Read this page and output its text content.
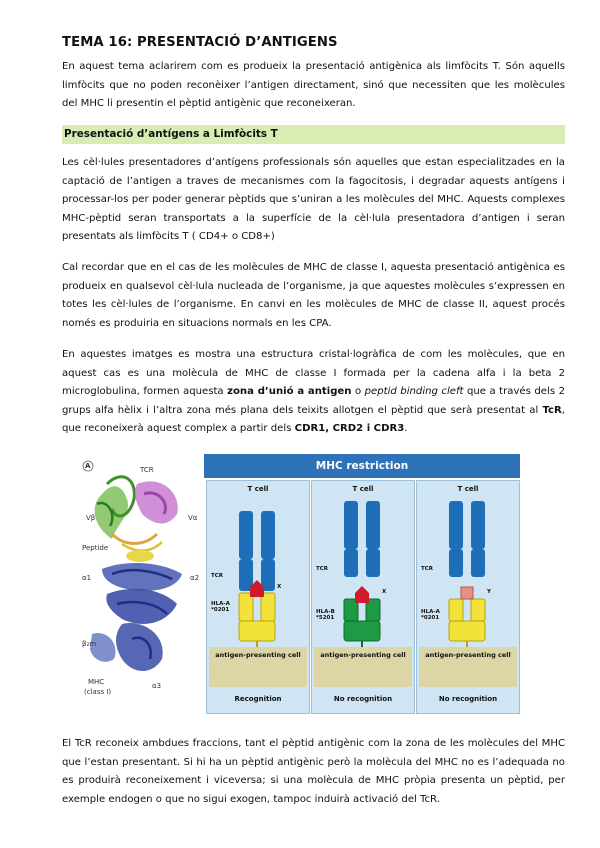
TEMA 16: PRESENTACIÓ D’ANTIGENS

En aquest tema aclarirem com es produeix la presentació antigènica als limfòcits T. Són aquells limfòcits que no poden reconèixer l’antigen directament, sinó que necessiten que les molècules del MHC li presentin el pèptid antigènic que reconeixeran.

Presentació d’antígens a Limfòcits T

Les cèl·lules presentadores d’antígens professionals són aquelles que estan especialitzades en la captació de l’antigen a traves de mecanismes com la fagocitosis, i degradar aquests antígens i processar-los per poder generar pèptids que s’uniran a les molècules del MHC. Aquests complexes MHC-pèptid seran transportats a la superfície de la cèl·lula presentadora d’antigen i seran presentats als limfòcits T ( CD4+ o CD8+)

Cal recordar que en el cas de les molècules de MHC de classe I, aquesta presentació antigènica es produeix en qualsevol cèl·lula nucleada de l’organisme, ja que aquestes molècules s’expressen en totes les cèl·lules de l’organisme. En canvi en les molècules de MHC de classe II, aquest procés només es produiria en situacions normals en les CPA.

En aquestes imatges es mostra una estructura cristal·logràfica de com les molècules, que en aquest cas es una molècula de MHC de classe I formada per la cadena alfa i la beta 2 microglobulina, formen aquesta zona d’unió a antigen o peptid binding cleft que a través dels 2 grups alfa hèlix i l’altra zona més plana dels teixits allotgen el pèptid que serà presentat al TcR, que reconeixerà aquest complex a partir dels CDR1, CRD2 i CDR3.

El TcR reconeix ambdues fraccions, tant el pèptid antigènic com la zona de les molècules del MHC que l’estan presentant. Si hi ha un pèptid antigènic però la molècula del MHC no es l’adequada no es produirà reconeixement i viceversa; si una molècula de MHC pròpia presenta un pèptid, per exemple endogen o que no sigui exogen, tampoc induirà activació del TcR.

A	TCR
Vβ	Vα
Peptide
α1	α2
β₂m
MHC
(class I)
α3
MHC restriction
T cell
TCR
X
HLA-A *0201
antigen-presenting cell
Recognition
T cell
TCR
X
HLA-B *5201
antigen-presenting cell
No recognition
T cell
TCR
Y
HLA-A *0201
antigen-presenting cell
No recognition
